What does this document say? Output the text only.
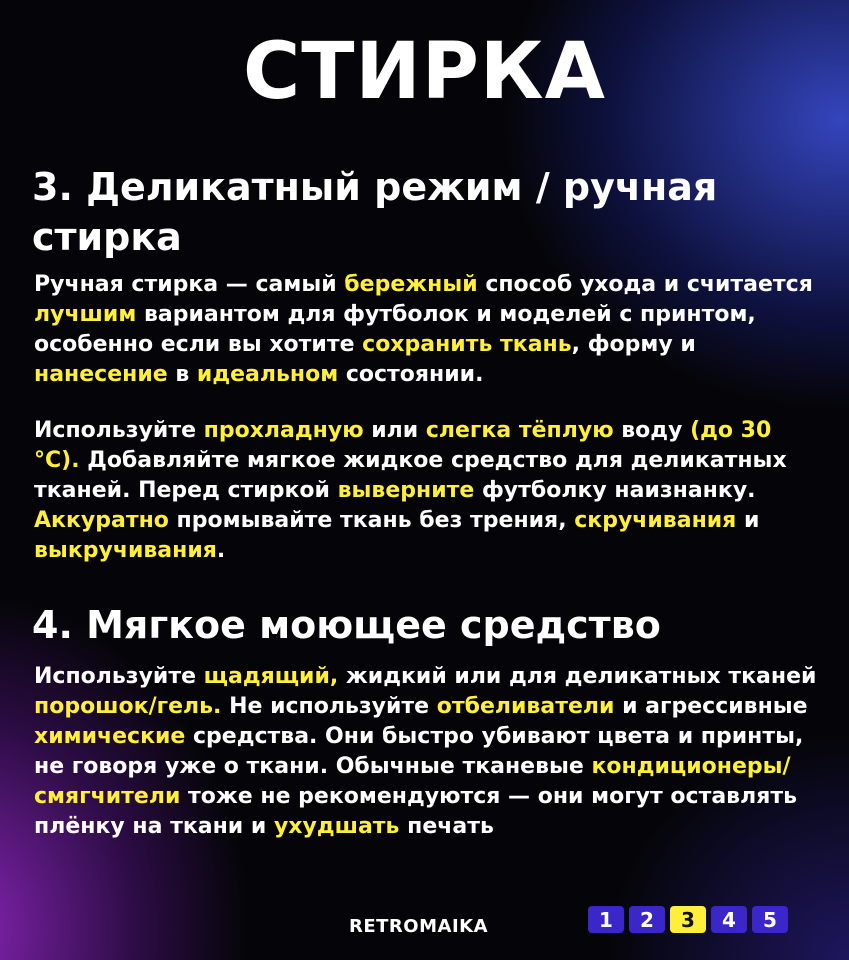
СТИРКА
3. Деликатный режим / ручная стирка
Ручная стирка — самый бережный способ ухода и считается лучшим вариантом для футболок и моделей с принтом, особенно если вы хотите сохранить ткань, форму и нанесение в идеальном состоянии.
Используйте прохладную или слегка тёплую воду (до 30 °С). Добавляйте мягкое жидкое средство для деликатных тканей. Перед стиркой выверните футболку наизнанку. Аккуратно промывайте ткань без трения, скручивания и выкручивания.
4. Мягкое моющее средство
Используйте щадящий, жидкий или для деликатных тканей порошок/гель. Не используйте отбеливатели и агрессивные химические средства. Они быстро убивают цвета и принты, не говоря уже о ткани. Обычные тканевые кондиционеры/смягчители тоже не рекомендуются — они могут оставлять плёнку на ткани и ухудшать печать
RETROMAIKA	1	2	3	4	5
